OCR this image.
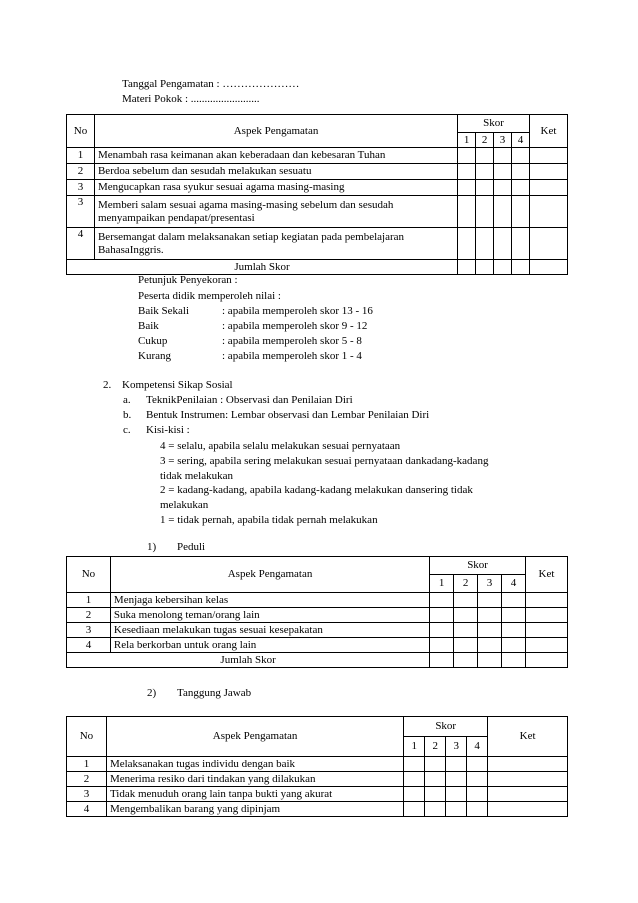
Tanggal Pengamatan : …………………
Materi Pokok : .........................
No	Aspek Pengamatan	Skor				Ket
		1	2	3	4	
1	Menambah rasa keimanan akan keberadaan dan kebesaran Tuhan					
2	Berdoa sebelum dan sesudah melakukan sesuatu					
3	Mengucapkan rasa syukur sesuai agama masing-masing					
3	Memberi salam sesuai agama masing-masing sebelum dan sesudah menyampaikan pendapat/presentasi					
4	Bersemangat dalam melaksanakan setiap kegiatan pada pembelajaran BahasaInggris.					
Jumlah Skor						
Petunjuk Penyekoran :
Peserta didik memperoleh nilai :
Baik Sekali	: apabila memperoleh skor 13 - 16
Baik	: apabila memperoleh skor 9 - 12
Cukup	: apabila memperoleh skor 5 - 8
Kurang	: apabila memperoleh skor 1 - 4
2. Kompetensi Sikap Sosial
a. TeknikPenilaian : Observasi dan Penilaian Diri
b. Bentuk Instrumen: Lembar observasi dan Lembar Penilaian Diri
c. Kisi-kisi :
4 = selalu, apabila selalu melakukan sesuai pernyataan
3 = sering, apabila sering melakukan sesuai pernyataan dankadang-kadang
tidak melakukan
2 = kadang-kadang, apabila kadang-kadang melakukan dansering tidak
melakukan
1 = tidak pernah, apabila tidak pernah melakukan
1) Peduli
No	Aspek Pengamatan	Skor				Ket
		1	2	3	4	
1	Menjaga kebersihan kelas					
2	Suka menolong teman/orang lain					
3	Kesediaan melakukan tugas sesuai kesepakatan					
4	Rela berkorban untuk orang lain					
Jumlah Skor						
2) Tanggung Jawab
No	Aspek Pengamatan	Skor				Ket
		1	2	3	4	
1	Melaksanakan tugas individu dengan baik					
2	Menerima resiko dari tindakan yang dilakukan					
3	Tidak menuduh orang lain tanpa bukti yang akurat					
4	Mengembalikan barang yang dipinjam					
